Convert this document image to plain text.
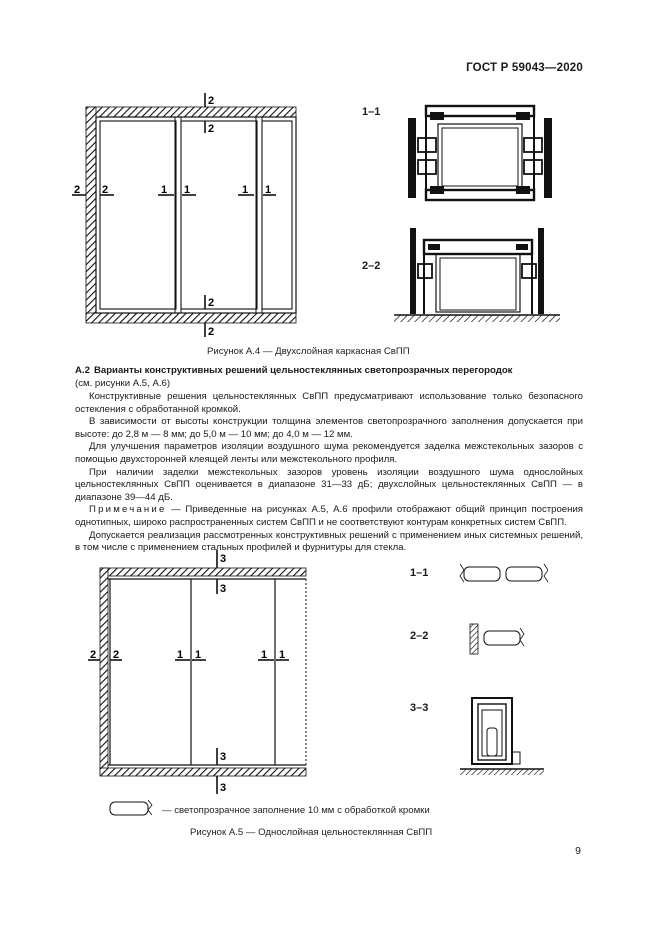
ГОСТ Р 59043—2020
2
2
2
2
2 2	1 1	1 1
1–1
2–2
Рисунок А.4 — Двухслойная каркасная СвПП
А.2 Варианты конструктивных решений цельностеклянных светопрозрачных перегородок
(см. рисунки А.5, А.6)

Конструктивные решения цельностеклянных СвПП предусматривают использование только безопасного остекления с обработанной кромкой.

В зависимости от высоты конструкции толщина элементов светопрозрачного заполнения допускается при высоте: до 2,8 м — 8 мм; до 5,0 м — 10 мм; до 4,0 м — 12 мм.

Для улучшения параметров изоляции воздушного шума рекомендуется заделка межстекольных зазоров с помощью двухсторонней клеящей ленты или межстекольного профиля.

При наличии заделки межстекольных зазоров уровень изоляции воздушного шума однослойных цельностеклянных СвПП оценивается в диапазоне 31—33 дБ; двухслойных цельностеклянных СвПП — в диапазоне 39—44 дБ.

Примечание — Приведенные на рисунках А.5, А.6 профили отображают общий принцип построения однотипных, широко распространенных систем СвПП и не соответствуют контурам конкретных систем СвПП.

Допускается реализация рассмотренных конструктивных решений с применением иных системных решений, в том числе с применением стальных профилей и фурнитуры для стекла.

3
3
3
3
2 2	1 1	1 1
1–1
2–2
3–3
— светопрозрачное заполнение 10 мм с обработкой кромки
Рисунок А.5 — Однослойная цельностеклянная СвПП
9
